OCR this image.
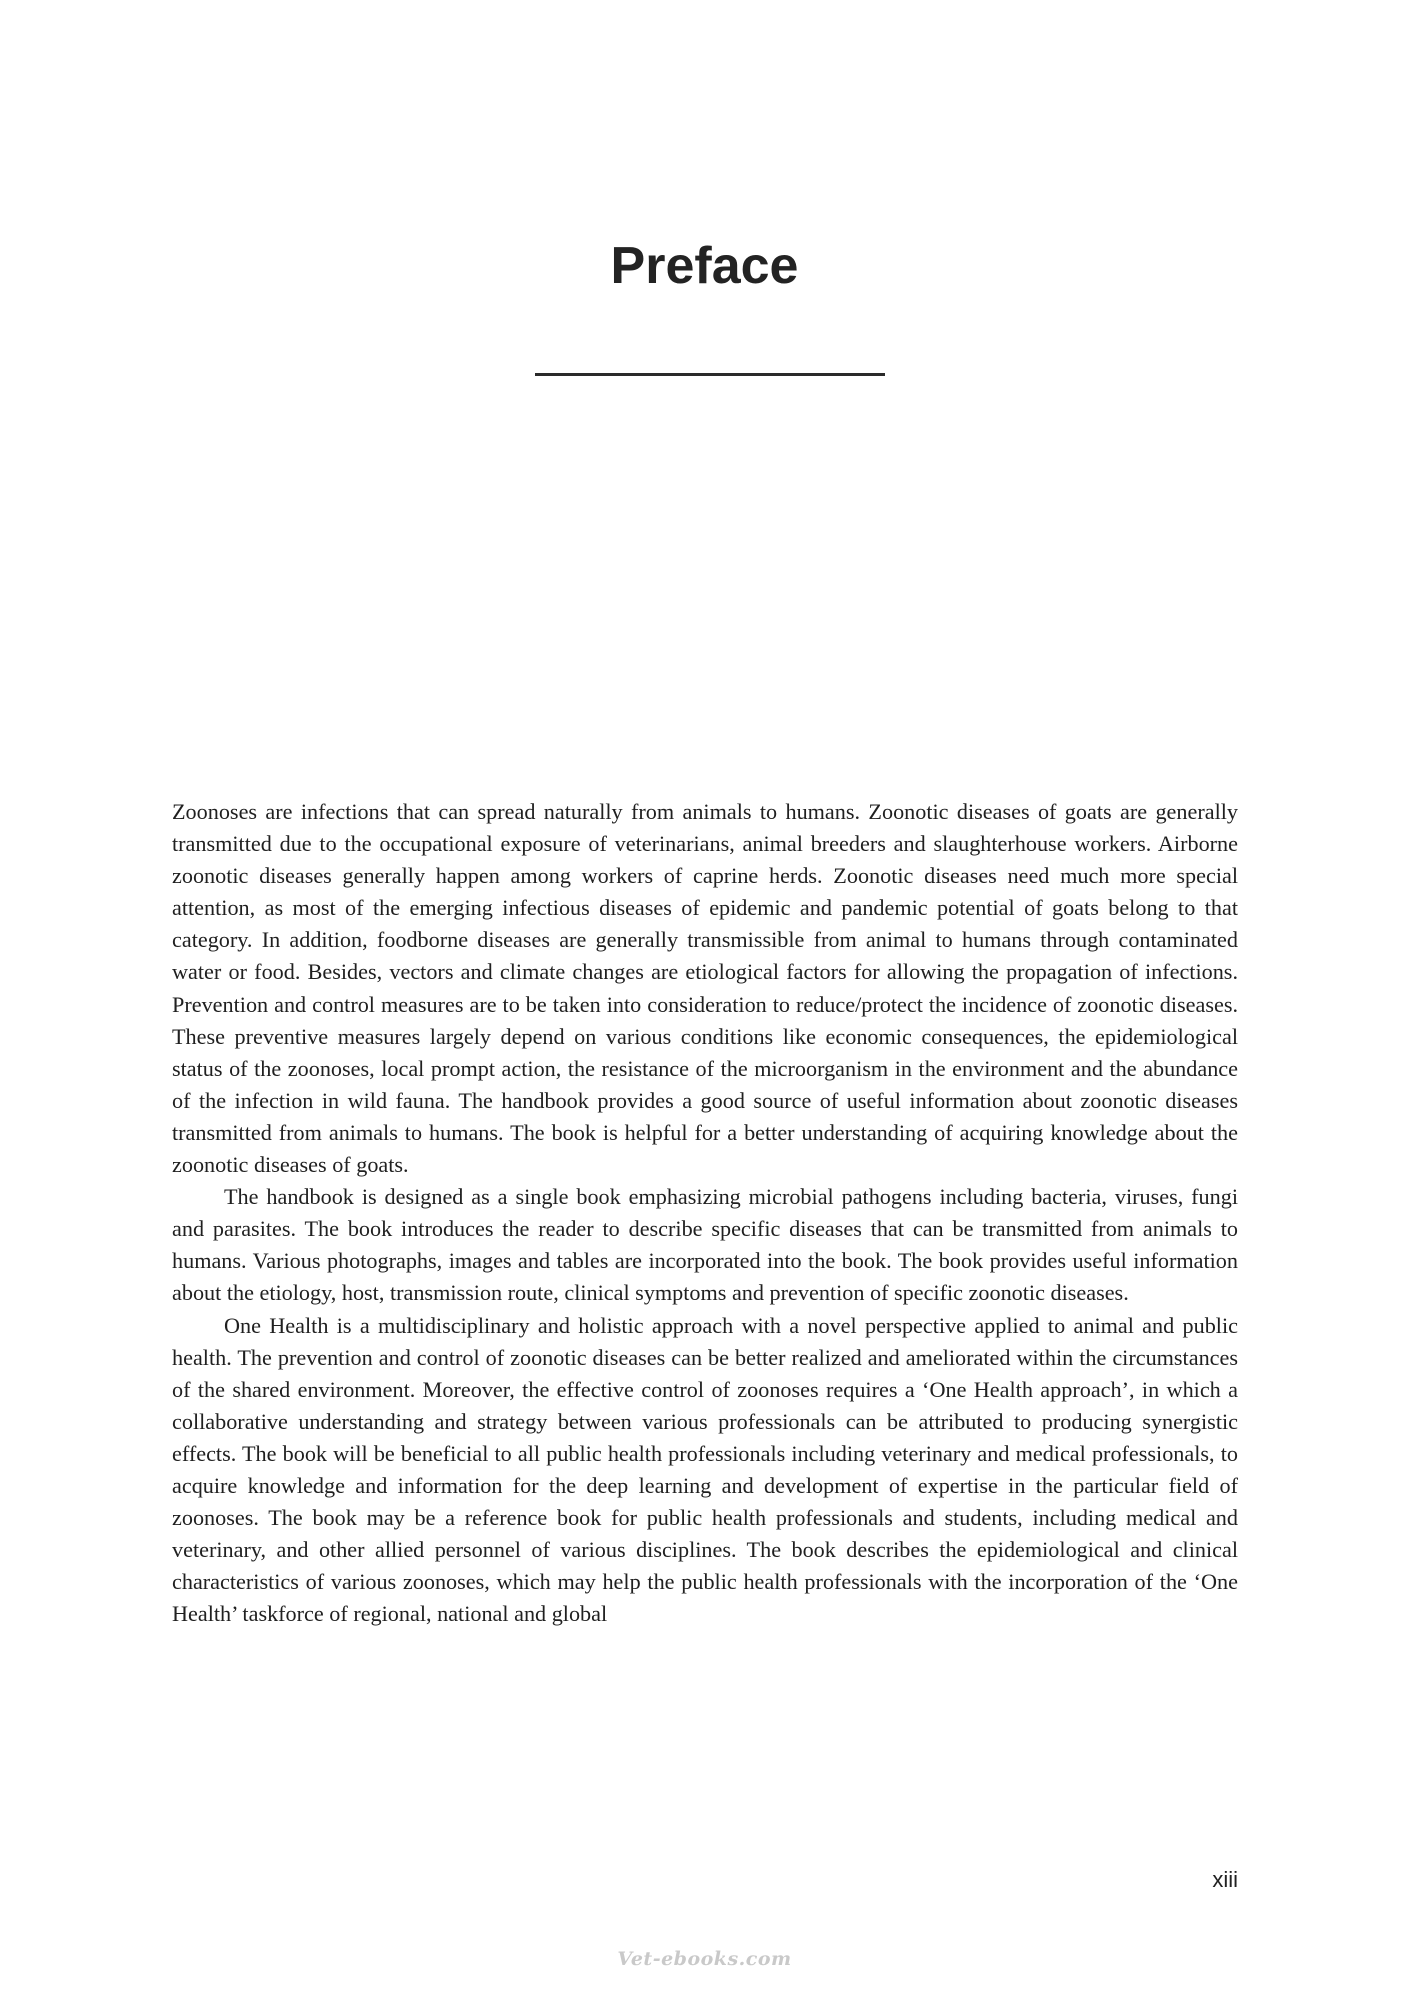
Preface

Zoonoses are infections that can spread naturally from animals to humans. Zoonotic diseases of goats are generally transmitted due to the occupational exposure of veterinarians, animal breeders and slaughterhouse workers. Airborne zoonotic diseases generally happen among workers of caprine herds. Zoonotic diseases need much more special attention, as most of the emerging infectious diseases of epidemic and pandemic potential of goats belong to that category. In addition, foodborne diseases are generally transmissible from animal to humans through contaminated water or food. Besides, vectors and climate changes are etiological factors for allowing the propagation of infections. Prevention and control measures are to be taken into consideration to reduce/protect the incidence of zoonotic diseases. These preventive measures largely depend on various conditions like economic consequences, the epidemiological status of the zoonoses, local prompt action, the resistance of the microorganism in the environment and the abundance of the infection in wild fauna. The handbook provides a good source of useful information about zoonotic diseases transmitted from animals to humans. The book is helpful for a better understanding of acquiring knowledge about the zoonotic diseases of goats.

The handbook is designed as a single book emphasizing microbial pathogens including bacteria, viruses, fungi and parasites. The book introduces the reader to describe specific diseases that can be transmitted from animals to humans. Various photographs, images and tables are incorporated into the book. The book provides useful information about the etiology, host, transmission route, clinical symptoms and prevention of specific zoonotic diseases.

One Health is a multidisciplinary and holistic approach with a novel perspective applied to animal and public health. The prevention and control of zoonotic diseases can be better realized and ameliorated within the circumstances of the shared environment. Moreover, the effective control of zoonoses requires a ‘One Health approach’, in which a collaborative understanding and strategy between various professionals can be attributed to producing synergistic effects. The book will be beneficial to all public health professionals including veterinary and medical professionals, to acquire knowledge and information for the deep learning and development of expertise in the particular field of zoonoses. The book may be a reference book for public health professionals and students, including medical and veterinary, and other allied personnel of various disciplines. The book describes the epidemiological and clinical characteristics of various zoonoses, which may help the public health professionals with the incorporation of the ‘One Health’ taskforce of regional, national and global

xiii
Vet-ebooks.com
